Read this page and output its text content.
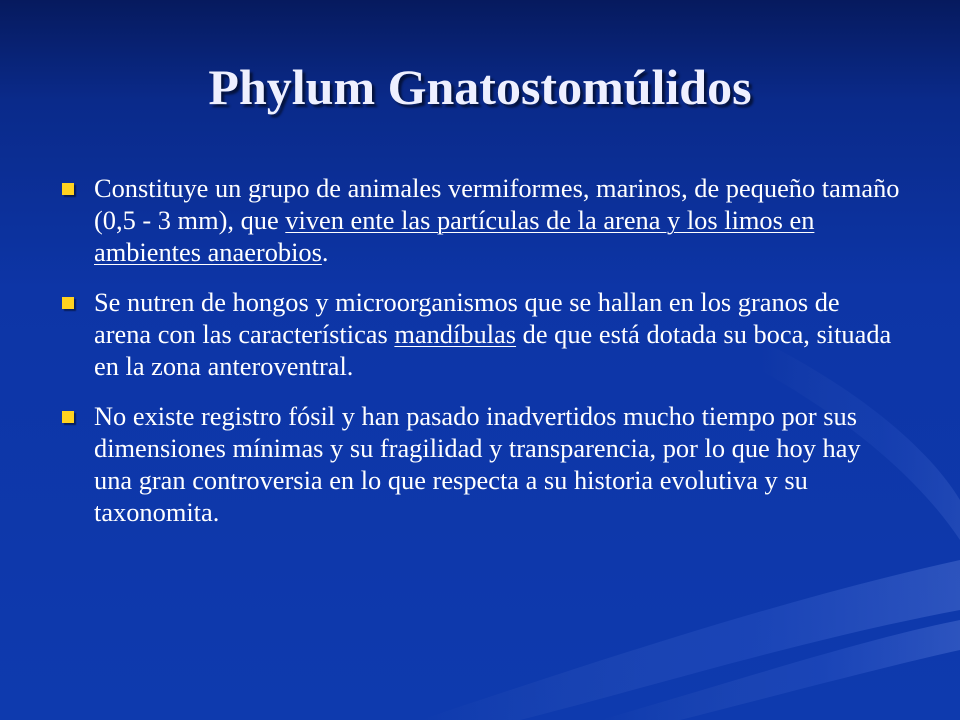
Phylum Gnatostomúlidos
Constituye un grupo de animales vermiformes, marinos, de pequeño tamaño (0,5 - 3 mm), que viven ente las partículas de la arena y los limos en ambientes anaerobios.
Se nutren de hongos y microorganismos que se hallan en los granos de arena con las características mandíbulas de que está dotada su boca, situada en la zona anteroventral.
No existe registro fósil y han pasado inadvertidos mucho tiempo por sus dimensiones mínimas y su fragilidad y transparencia, por lo que hoy hay una gran controversia en lo que respecta a su historia evolutiva y su taxonomita.
